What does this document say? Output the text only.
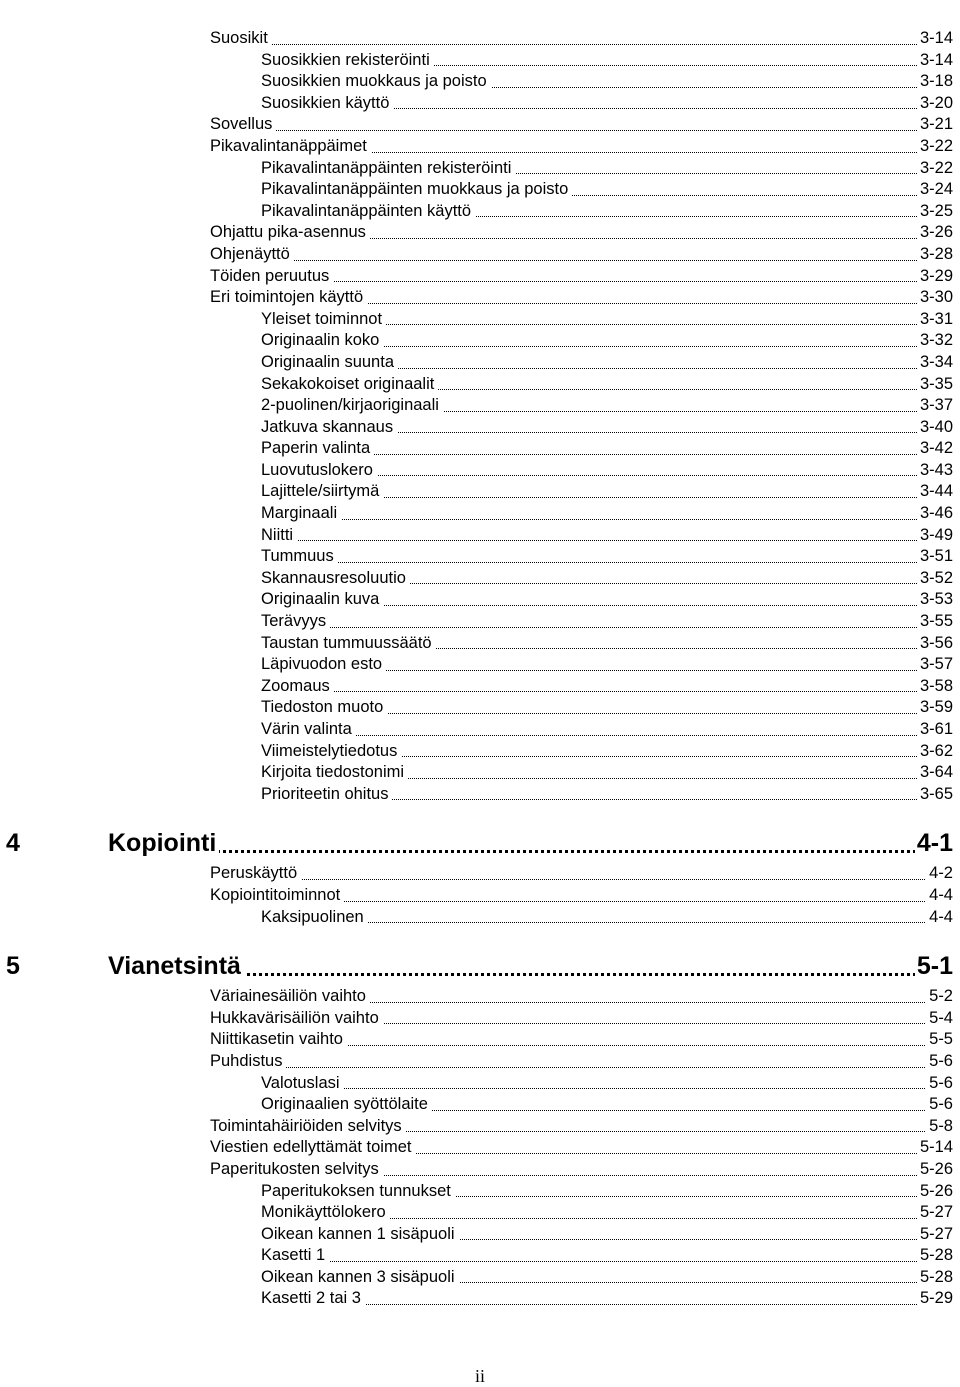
Suosikit	3-14
Suosikkien rekisteröinti	3-14
Suosikkien muokkaus ja poisto	3-18
Suosikkien käyttö	3-20
Sovellus	3-21
Pikavalintanäppäimet	3-22
Pikavalintanäppäinten rekisteröinti	3-22
Pikavalintanäppäinten muokkaus ja poisto	3-24
Pikavalintanäppäinten käyttö	3-25
Ohjattu pika-asennus	3-26
Ohjenäyttö	3-28
Töiden peruutus	3-29
Eri toimintojen käyttö	3-30
Yleiset toiminnot	3-31
Originaalin koko	3-32
Originaalin suunta	3-34
Sekakokoiset originaalit	3-35
2-puolinen/kirjaoriginaali	3-37
Jatkuva skannaus	3-40
Paperin valinta	3-42
Luovutuslokero	3-43
Lajittele/siirtymä	3-44
Marginaali	3-46
Niitti	3-49
Tummuus	3-51
Skannausresoluutio	3-52
Originaalin kuva	3-53
Terävyys	3-55
Taustan tummuussäätö	3-56
Läpivuodon esto	3-57
Zoomaus	3-58
Tiedoston muoto	3-59
Värin valinta	3-61
Viimeistelytiedotus	3-62
Kirjoita tiedostonimi	3-64
Prioriteetin ohitus	3-65
4	Kopiointi	4-1
Peruskäyttö	4-2
Kopiointitoiminnot	4-4
Kaksipuolinen	4-4
5	Vianetsintä	5-1
Väriainesäiliön vaihto	5-2
Hukkavärisäiliön vaihto	5-4
Niittikasetin vaihto	5-5
Puhdistus	5-6
Valotuslasi	5-6
Originaalien syöttölaite	5-6
Toimintahäiriöiden selvitys	5-8
Viestien edellyttämät toimet	5-14
Paperitukosten selvitys	5-26
Paperitukoksen tunnukset	5-26
Monikäyttölokero	5-27
Oikean kannen 1 sisäpuoli	5-27
Kasetti 1	5-28
Oikean kannen 3 sisäpuoli	5-28
Kasetti 2 tai 3	5-29
ii
